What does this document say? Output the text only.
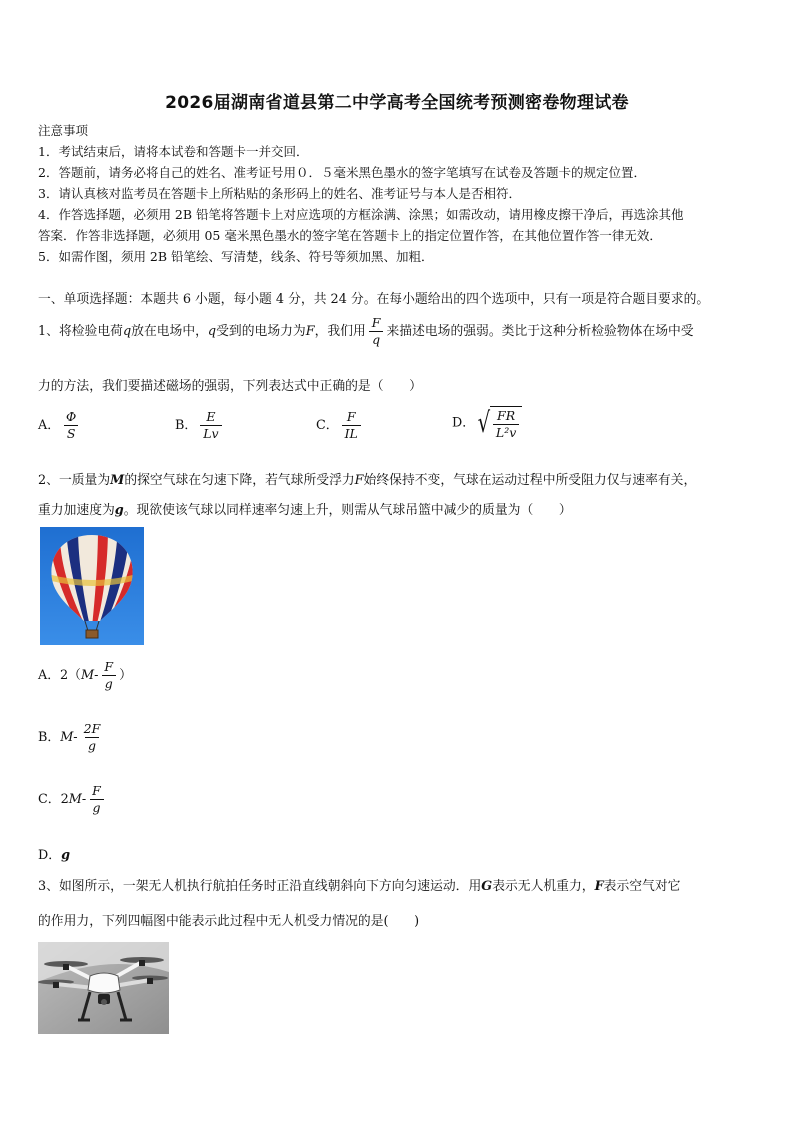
2026届湖南省道县第二中学高考全国统考预测密卷物理试卷
注意事项
1．考试结束后，请将本试卷和答题卡一并交回．
2．答题前，请务必将自己的姓名、准考证号用０．５毫米黑色墨水的签字笔填写在试卷及答题卡的规定位置．
3．请认真核对监考员在答题卡上所粘贴的条形码上的姓名、准考证号与本人是否相符．
4．作答选择题，必须用 2B 铅笔将答题卡上对应选项的方框涂满、涂黑；如需改动，请用橡皮擦干净后，再选涂其他
答案．作答非选择题，必须用 05 毫米黑色墨水的签字笔在答题卡上的指定位置作答，在其他位置作答一律无效．
5．如需作图，须用 2B 铅笔绘、写清楚，线条、符号等须加黑、加粗．
一、单项选择题：本题共 6 小题，每小题 4 分，共 24 分。在每小题给出的四个选项中，只有一项是符合题目要求的。
1、将检验电荷q放在电场中，q受到的电场力为F，我们用 $\frac{F}{q}$ 来描述电场的强弱。类比于这种分析检验物体在场中受
力的方法，我们要描述磁场的强弱，下列表达式中正确的是（　　）
A． $\frac{\Phi}{S}$	B． $\frac{E}{Lv}$	C． $\frac{F}{IL}$	D． √ $\frac{FR}{\text{L²v}}$
2、一质量为M的探空气球在匀速下降，若气球所受浮力F始终保持不变，气球在运动过程中所受阻力仅与速率有关，
重力加速度为g。现欲使该气球以同样速率匀速上升，则需从气球吊篮中减少的质量为（　　）
A．$2(M- \frac{F}{g}$ ）
B．$M- \frac{2F}{g}$
C．$2M- \frac{F}{g}$
D．g
3、如图所示，一架无人机执行航拍任务时正沿直线朝斜向下方向匀速运动．用G表示无人机重力，F表示空气对它
的作用力，下列四幅图中能表示此过程中无人机受力情况的是(　　)
